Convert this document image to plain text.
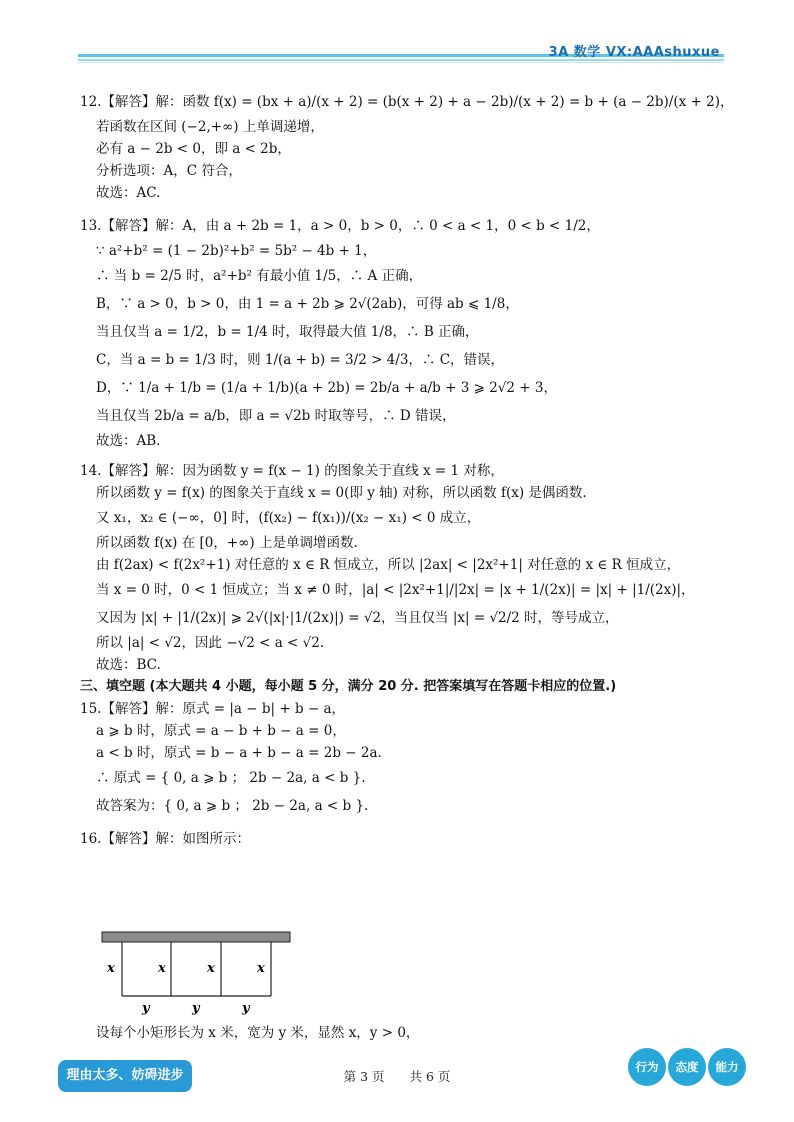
3A 数学 VX:AAAshuxue
12.【解答】解：函数 f(x) = (bx + a)/(x + 2) = (b(x + 2) + a − 2b)/(x + 2) = b + (a − 2b)/(x + 2)，
若函数在区间 (−2,+∞) 上单调递增，
必有 a − 2b < 0，即 a < 2b，
分析选项：A，C 符合，
故选：AC.
13.【解答】解：A，由 a + 2b = 1，a > 0，b > 0，∴ 0 < a < 1，0 < b < 1/2，
∵ a²+b² = (1 − 2b)²+b² = 5b² − 4b + 1，
∴ 当 b = 2/5 时，a²+b² 有最小值 1/5，∴ A 正确，
B，∵ a > 0，b > 0，由 1 = a + 2b ⩾ 2√(2ab)，可得 ab ⩽ 1/8，
当且仅当 a = 1/2，b = 1/4 时，取得最大值 1/8，∴ B 正确，
C，当 a = b = 1/3 时，则 1/(a + b) = 3/2 > 4/3，∴ C，错误，
D，∵ 1/a + 1/b = (1/a + 1/b)(a + 2b) = 2b/a + a/b + 3 ⩾ 2√2 + 3，
当且仅当 2b/a = a/b，即 a = √2b 时取等号，∴ D 错误，
故选：AB.
14.【解答】解：因为函数 y = f(x − 1) 的图象关于直线 x = 1 对称，
所以函数 y = f(x) 的图象关于直线 x = 0(即 y 轴) 对称，所以函数 f(x) 是偶函数.
又 x₁，x₂ ∈ (−∞，0] 时，(f(x₂) − f(x₁))/(x₂ − x₁) < 0 成立，
所以函数 f(x) 在 [0，+∞) 上是单调增函数.
由 f(2ax) < f(2x²+1) 对任意的 x ∈ R 恒成立，所以 |2ax| < |2x²+1| 对任意的 x ∈ R 恒成立，
当 x = 0 时，0 < 1 恒成立；当 x ≠ 0 时，|a| < |2x²+1|/|2x| = |x + 1/(2x)| = |x| + |1/(2x)|，
又因为 |x| + |1/(2x)| ⩾ 2√(|x|·|1/(2x)|) = √2，当且仅当 |x| = √2/2 时，等号成立，
所以 |a| < √2，因此 −√2 < a < √2.
故选：BC.
三、填空题 (本大题共 4 小题，每小题 5 分，满分 20 分. 把答案填写在答题卡相应的位置.)
15.【解答】解：原式 = |a − b| + b − a，
a ⩾ b 时，原式 = a − b + b − a = 0，
a < b 时，原式 = b − a + b − a = 2b − 2a.
∴ 原式 = { 0, a ⩾ b ； 2b − 2a, a < b }.
故答案为：{ 0, a ⩾ b ； 2b − 2a, a < b }.
16.【解答】解：如图所示：
x	x	x	x
y	y	y
设每个小矩形长为 x 米，宽为 y 米，显然 x，y > 0，
理由太多、妨碍进步	第 3 页　　共 6 页
行为	态度	能力
